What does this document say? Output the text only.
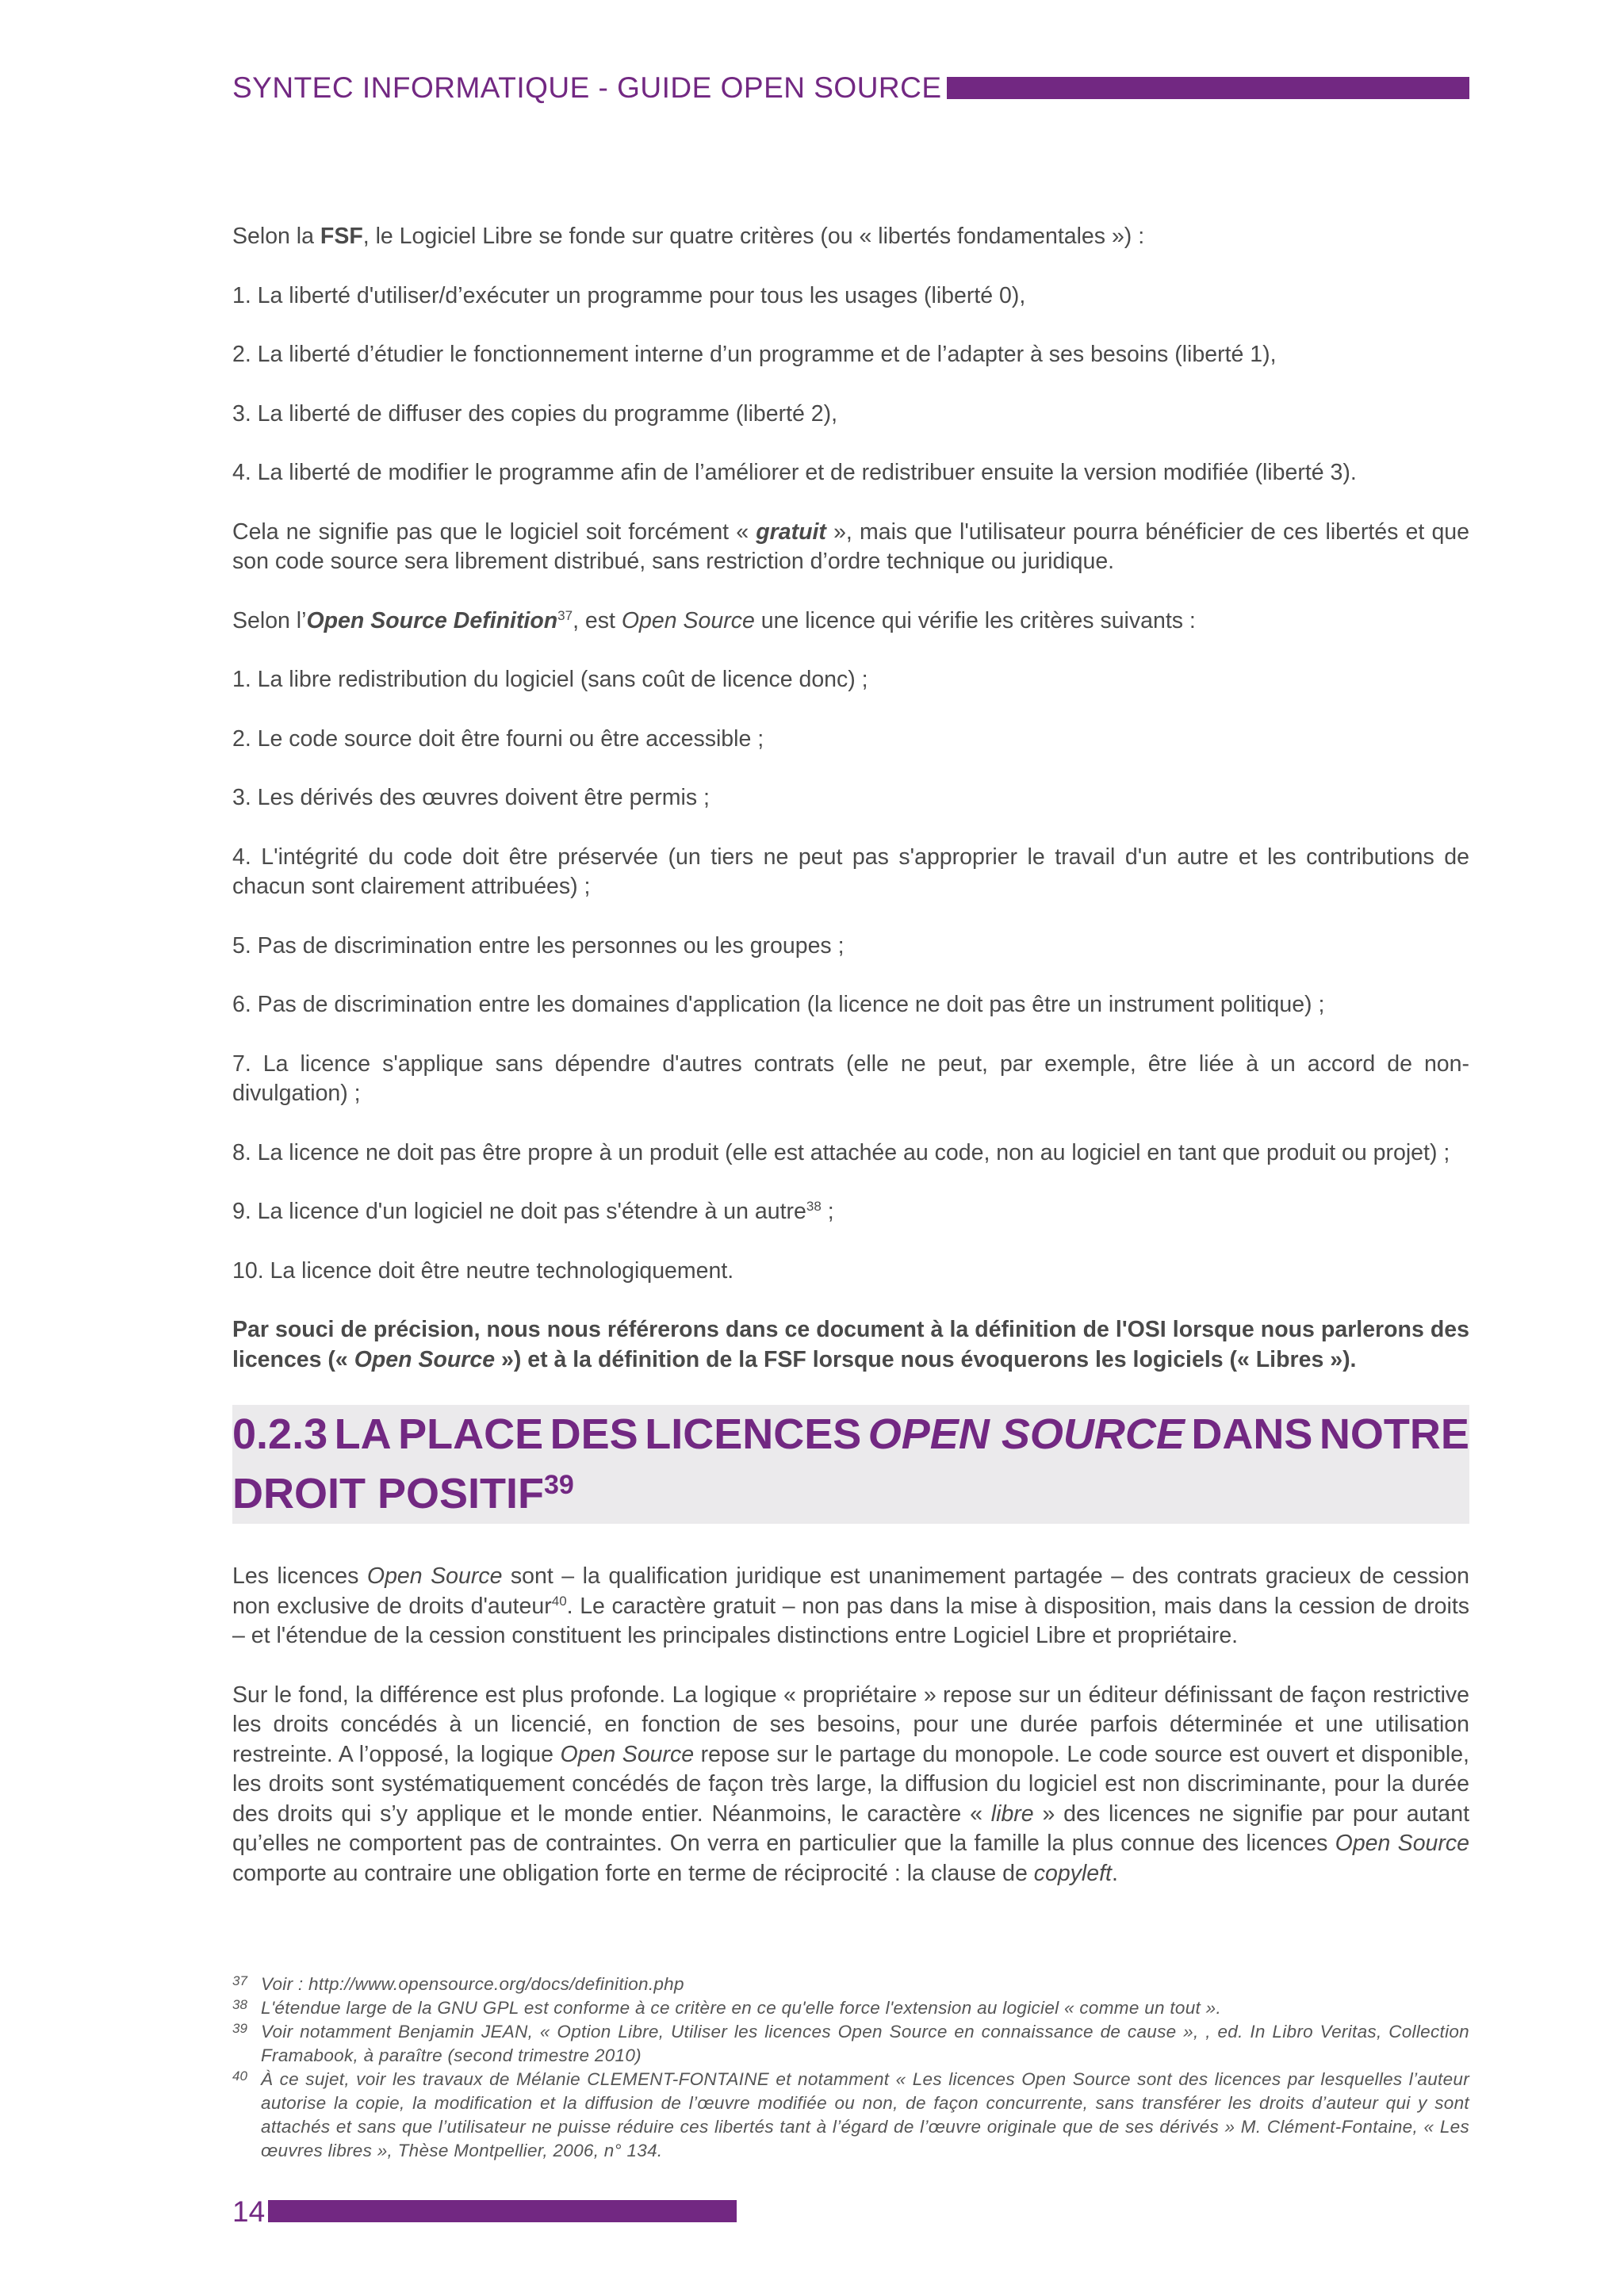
SYNTEC INFORMATIQUE - GUIDE OPEN SOURCE

Selon la FSF, le Logiciel Libre se fonde sur quatre critères (ou « libertés fondamentales ») :

1. La liberté d'utiliser/d’exécuter un programme pour tous les usages (liberté 0),

2. La liberté d’étudier le fonctionnement interne d’un programme et de l’adapter à ses besoins (liberté 1),

3. La liberté de diffuser des copies du programme (liberté 2),

4. La liberté de modifier le programme afin de l’améliorer et de redistribuer ensuite la version modifiée (liberté 3).

Cela ne signifie pas que le logiciel soit forcément « gratuit », mais que l'utilisateur pourra bénéficier de ces libertés et que son code source sera librement distribué, sans restriction d’ordre technique ou juridique.

Selon l’Open Source Definition$^{37}$, est Open Source une licence qui vérifie les critères suivants :

1. La libre redistribution du logiciel (sans coût de licence donc) ;

2. Le code source doit être fourni ou être accessible ;

3. Les dérivés des œuvres doivent être permis ;

4. L'intégrité du code doit être préservée (un tiers ne peut pas s'approprier le travail d'un autre et les contributions de chacun sont clairement attribuées) ;

5. Pas de discrimination entre les personnes ou les groupes ;

6. Pas de discrimination entre les domaines d'application (la licence ne doit pas être un instrument politique) ;

7. La licence s'applique sans dépendre d'autres contrats (elle ne peut, par exemple, être liée à un accord de non-divulgation) ;

8. La licence ne doit pas être propre à un produit (elle est attachée au code, non au logiciel en tant que produit ou projet) ;

9. La licence d'un logiciel ne doit pas s'étendre à un autre$^{38}$ ;

10. La licence doit être neutre technologiquement.

Par souci de précision, nous nous référerons dans ce document à la définition de l'OSI lorsque nous parlerons des licences (« Open Source ») et à la définition de la FSF lorsque nous évoquerons les logiciels (« Libres »).

0.2.3 LA PLACE DES LICENCES OPEN SOURCE DANS NOTRE
DROIT POSITIF$^{39}$

Les licences Open Source sont – la qualification juridique est unanimement partagée – des contrats gracieux de cession non exclusive de droits d'auteur$^{40}$. Le caractère gratuit – non pas dans la mise à disposition, mais dans la cession de droits – et l'étendue de la cession constituent les principales distinctions entre Logiciel Libre et propriétaire.

Sur le fond, la différence est plus profonde. La logique « propriétaire » repose sur un éditeur définissant de façon restrictive les droits concédés à un licencié, en fonction de ses besoins, pour une durée parfois déterminée et une utilisation restreinte. A l’opposé, la logique Open Source repose sur le partage du monopole. Le code source est ouvert et disponible, les droits sont systématiquement concédés de façon très large, la diffusion du logiciel est non discriminante, pour la durée des droits qui s’y applique et le monde entier. Néanmoins, le caractère « libre » des licences ne signifie par pour autant qu’elles ne comportent pas de contraintes. On verra en particulier que la famille la plus connue des licences Open Source comporte au contraire une obligation forte en terme de réciprocité : la clause de copyleft.

37 Voir : http://www.opensource.org/docs/definition.php
38 L'étendue large de la GNU GPL est conforme à ce critère en ce qu'elle force l'extension au logiciel « comme un tout ».
39 Voir notamment Benjamin JEAN, « Option Libre, Utiliser les licences Open Source en connaissance de cause », , ed. In Libro Veritas, Collection Framabook, à paraître (second trimestre 2010)
40 À ce sujet, voir les travaux de Mélanie CLEMENT-FONTAINE et notamment « Les licences Open Source sont des licences par lesquelles l’auteur autorise la copie, la modification et la diffusion de l’œuvre modifiée ou non, de façon concurrente, sans transférer les droits d’auteur qui y sont attachés et sans que l’utilisateur ne puisse réduire ces libertés tant à l’égard de l’œuvre originale que de ses dérivés » M. Clément-Fontaine, « Les œuvres libres », Thèse Montpellier, 2006, n° 134.
14
